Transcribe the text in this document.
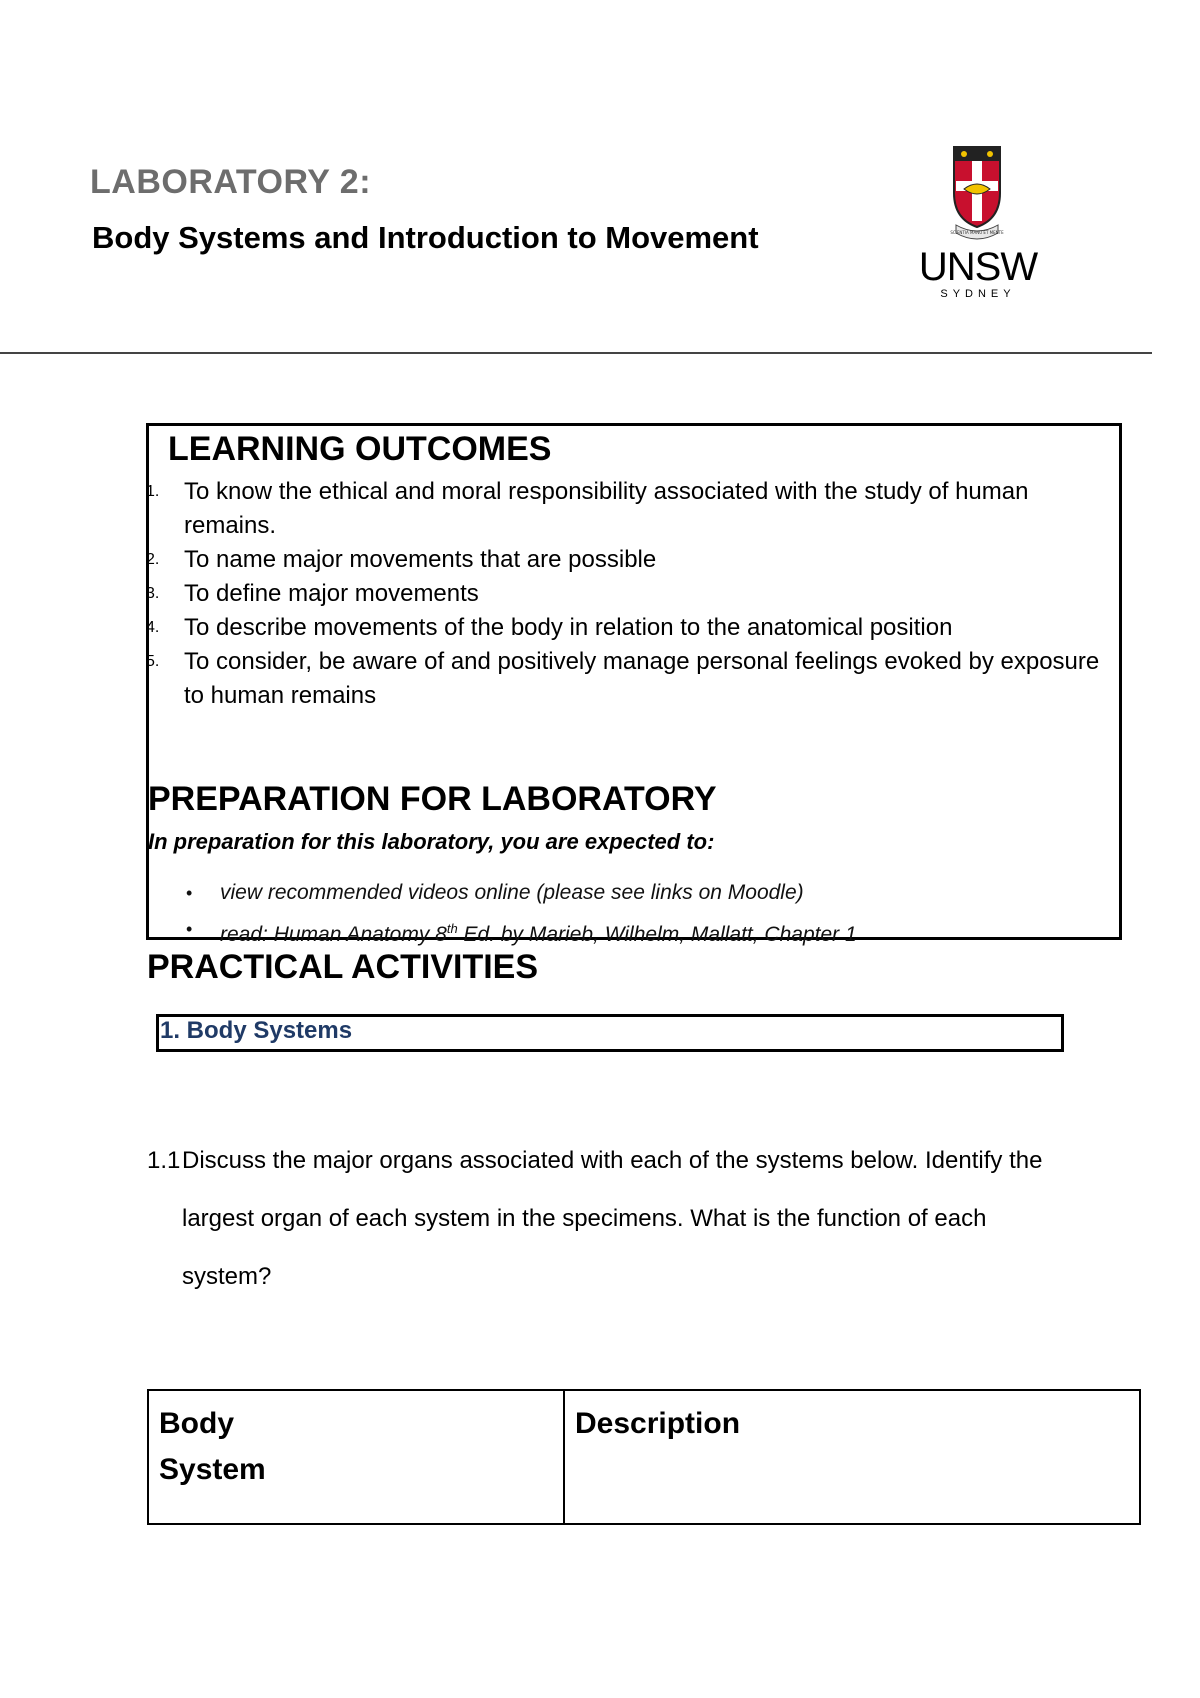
LABORATORY 2:
Body Systems and Introduction to Movement	SCIENTIA MANU ET MENTE
UNSW
SYDNEY
LEARNING OUTCOMES
1. To know the ethical and moral responsibility associated with the study of human
remains.
2. To name major movements that are possible
3. To define major movements
4. To describe movements of the body in relation to the anatomical position
5. To consider, be aware of and positively manage personal feelings evoked by exposure
to human remains
PREPARATION FOR LABORATORY
In preparation for this laboratory, you are expected to:
• view recommended videos online (please see links on Moodle)
• read: Human Anatomy 8th Ed. by Marieb, Wilhelm, Mallatt, Chapter 1
PRACTICAL ACTIVITIES
1. Body Systems
1.1 Discuss the major organs associated with each of the systems below. Identify the
largest organ of each system in the specimens. What is the function of each
system?
Body System
	Description
